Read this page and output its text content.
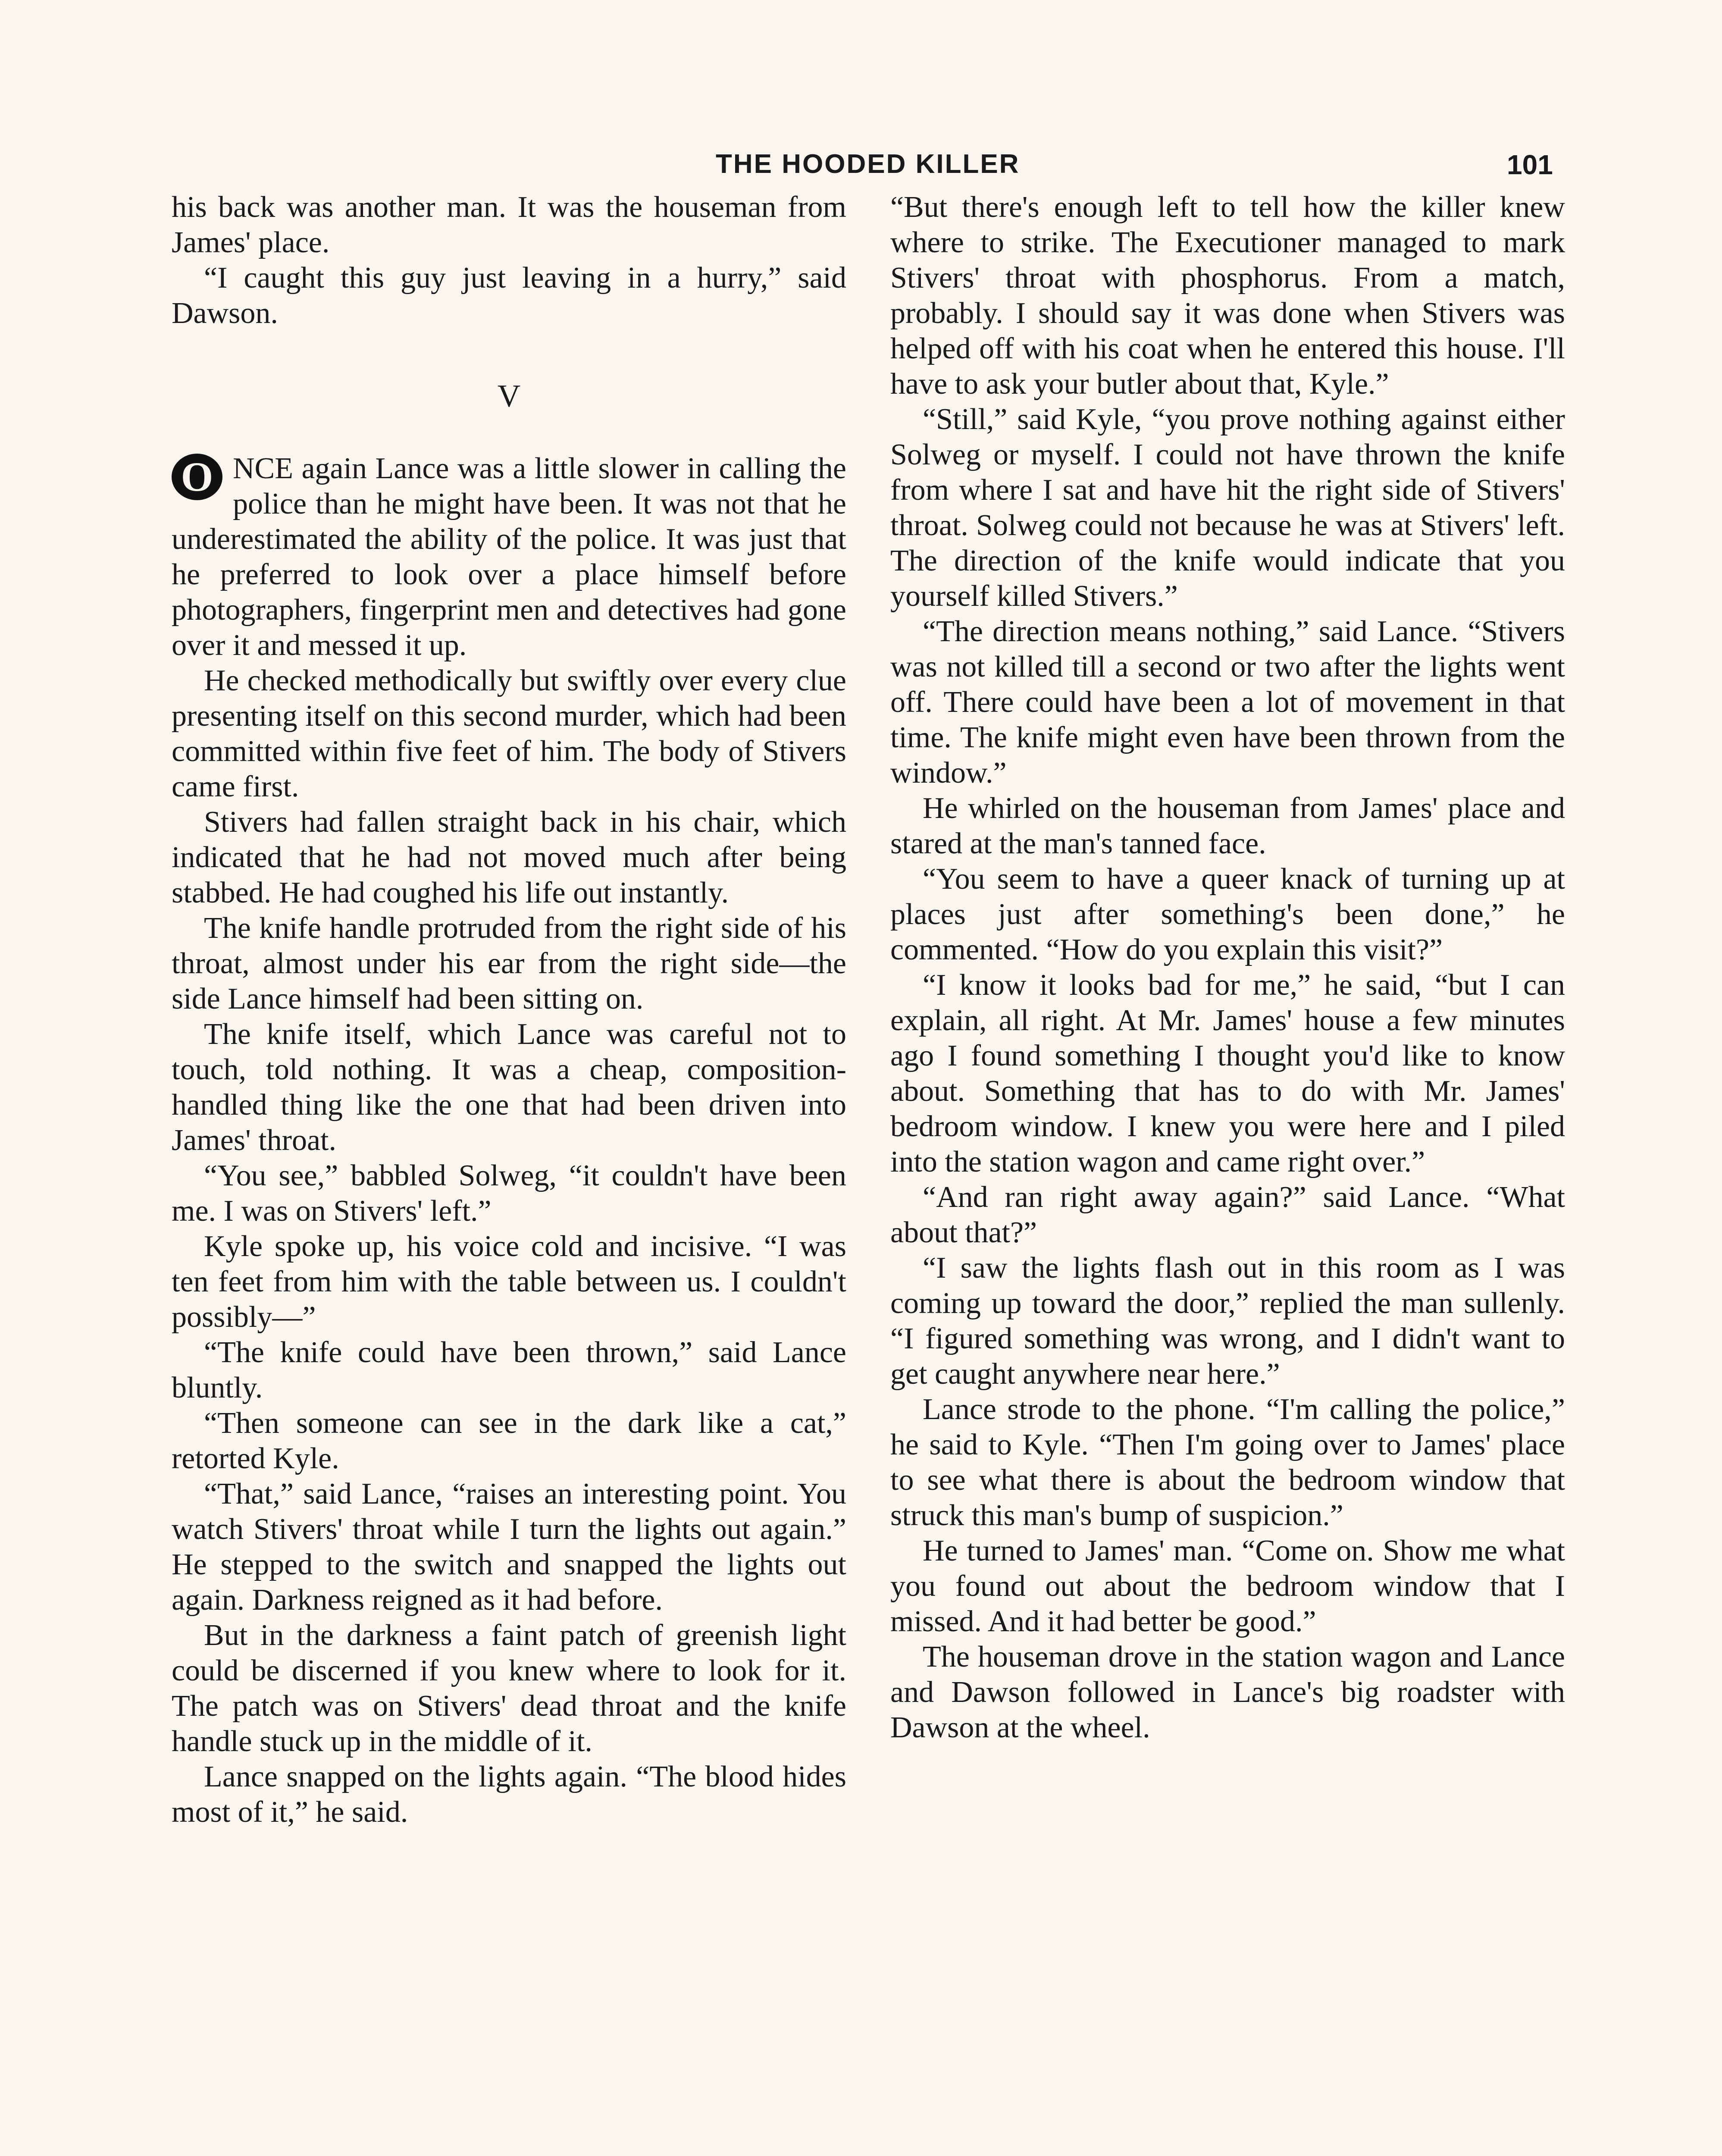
THE HOODED KILLER	101

his back was another man. It was the houseman from James' place.

“I caught this guy just leaving in a hurry,” said Dawson.

V

O NCE again Lance was a little slower in calling the police than he might have been. It was not that he underestimated the ability of the police. It was just that he preferred to look over a place himself before photographers, fingerprint men and detectives had gone over it and messed it up.

He checked methodically but swiftly over every clue presenting itself on this second murder, which had been committed within five feet of him. The body of Stivers came first.

Stivers had fallen straight back in his chair, which indicated that he had not moved much after being stabbed. He had coughed his life out instantly.

The knife handle protruded from the right side of his throat, almost under his ear from the right side—the side Lance himself had been sitting on.

The knife itself, which Lance was careful not to touch, told nothing. It was a cheap, composition-handled thing like the one that had been driven into James' throat.

“You see,” babbled Solweg, “it couldn't have been me. I was on Stivers' left.”

Kyle spoke up, his voice cold and incisive. “I was ten feet from him with the table between us. I couldn't possibly—”

“The knife could have been thrown,” said Lance bluntly.

“Then someone can see in the dark like a cat,” retorted Kyle.

“That,” said Lance, “raises an interesting point. You watch Stivers' throat while I turn the lights out again.” He stepped to the switch and snapped the lights out again. Darkness reigned as it had before.

But in the darkness a faint patch of greenish light could be discerned if you knew where to look for it. The patch was on Stivers' dead throat and the knife handle stuck up in the middle of it.

Lance snapped on the lights again. “The blood hides most of it,” he said.

“But there's enough left to tell how the killer knew where to strike. The Executioner managed to mark Stivers' throat with phosphorus. From a match, probably. I should say it was done when Stivers was helped off with his coat when he entered this house. I'll have to ask your butler about that, Kyle.”

“Still,” said Kyle, “you prove nothing against either Solweg or myself. I could not have thrown the knife from where I sat and have hit the right side of Stivers' throat. Solweg could not because he was at Stivers' left. The direction of the knife would indicate that you yourself killed Stivers.”

“The direction means nothing,” said Lance. “Stivers was not killed till a second or two after the lights went off. There could have been a lot of movement in that time. The knife might even have been thrown from the window.”

He whirled on the houseman from James' place and stared at the man's tanned face.

“You seem to have a queer knack of turning up at places just after something's been done,” he commented. “How do you explain this visit?”

“I know it looks bad for me,” he said, “but I can explain, all right. At Mr. James' house a few minutes ago I found something I thought you'd like to know about. Something that has to do with Mr. James' bedroom window. I knew you were here and I piled into the station wagon and came right over.”

“And ran right away again?” said Lance. “What about that?”

“I saw the lights flash out in this room as I was coming up toward the door,” replied the man sullenly. “I figured something was wrong, and I didn't want to get caught anywhere near here.”

Lance strode to the phone. “I'm calling the police,” he said to Kyle. “Then I'm going over to James' place to see what there is about the bedroom window that struck this man's bump of suspicion.”

He turned to James' man. “Come on. Show me what you found out about the bedroom window that I missed. And it had better be good.”

The houseman drove in the station wagon and Lance and Dawson followed in Lance's big roadster with Dawson at the wheel.
